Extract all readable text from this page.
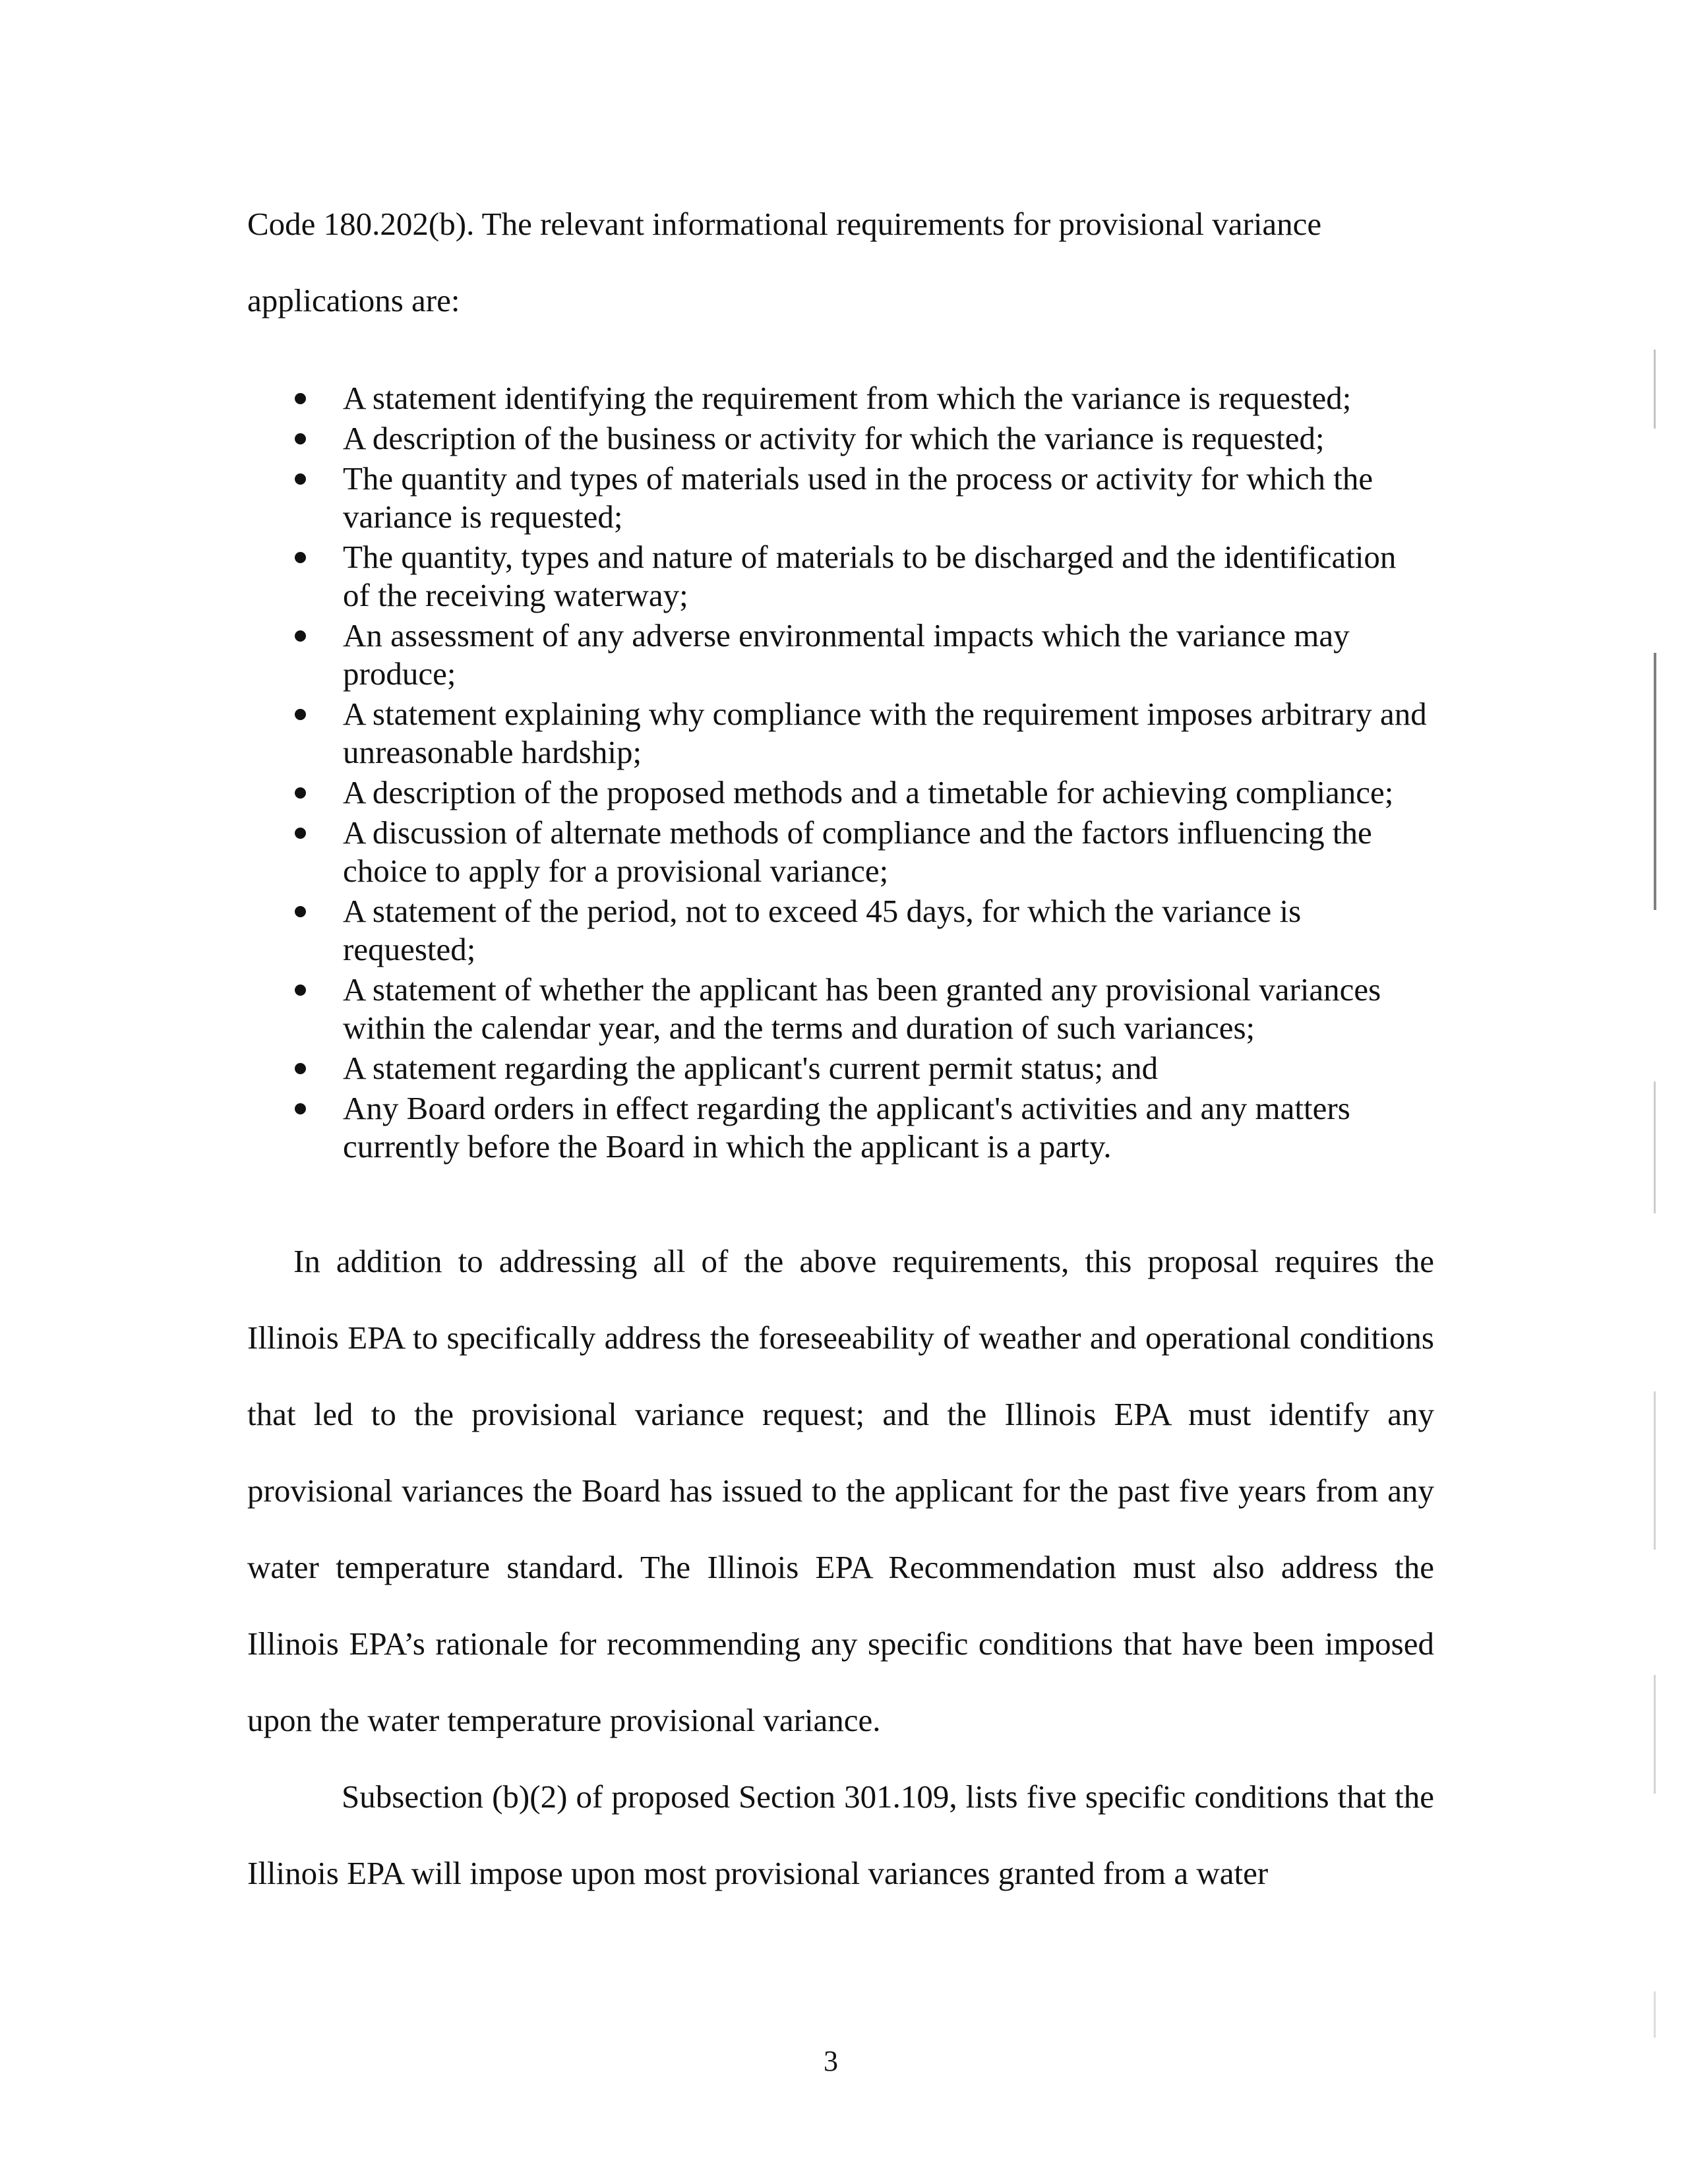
Code 180.202(b). The relevant informational requirements for provisional variance applications are:

A statement identifying the requirement from which the variance is requested;
A description of the business or activity for which the variance is requested;
The quantity and types of materials used in the process or activity for which the variance is requested;
The quantity, types and nature of materials to be discharged and the identification of the receiving waterway;
An assessment of any adverse environmental impacts which the variance may produce;
A statement explaining why compliance with the requirement imposes arbitrary and unreasonable hardship;
A description of the proposed methods and a timetable for achieving compliance;
A discussion of alternate methods of compliance and the factors influencing the choice to apply for a provisional variance;
A statement of the period, not to exceed 45 days, for which the variance is requested;
A statement of whether the applicant has been granted any provisional variances within the calendar year, and the terms and duration of such variances;
A statement regarding the applicant's current permit status; and
Any Board orders in effect regarding the applicant's activities and any matters currently before the Board in which the applicant is a party.

In addition to addressing all of the above requirements, this proposal requires the Illinois EPA to specifically address the foreseeability of weather and operational conditions that led to the provisional variance request; and the Illinois EPA must identify any provisional variances the Board has issued to the applicant for the past five years from any water temperature standard. The Illinois EPA Recommendation must also address the Illinois EPA’s rationale for recommending any specific conditions that have been imposed upon the water temperature provisional variance.

Subsection (b)(2) of proposed Section 301.109, lists five specific conditions that the Illinois EPA will impose upon most provisional variances granted from a water

3
